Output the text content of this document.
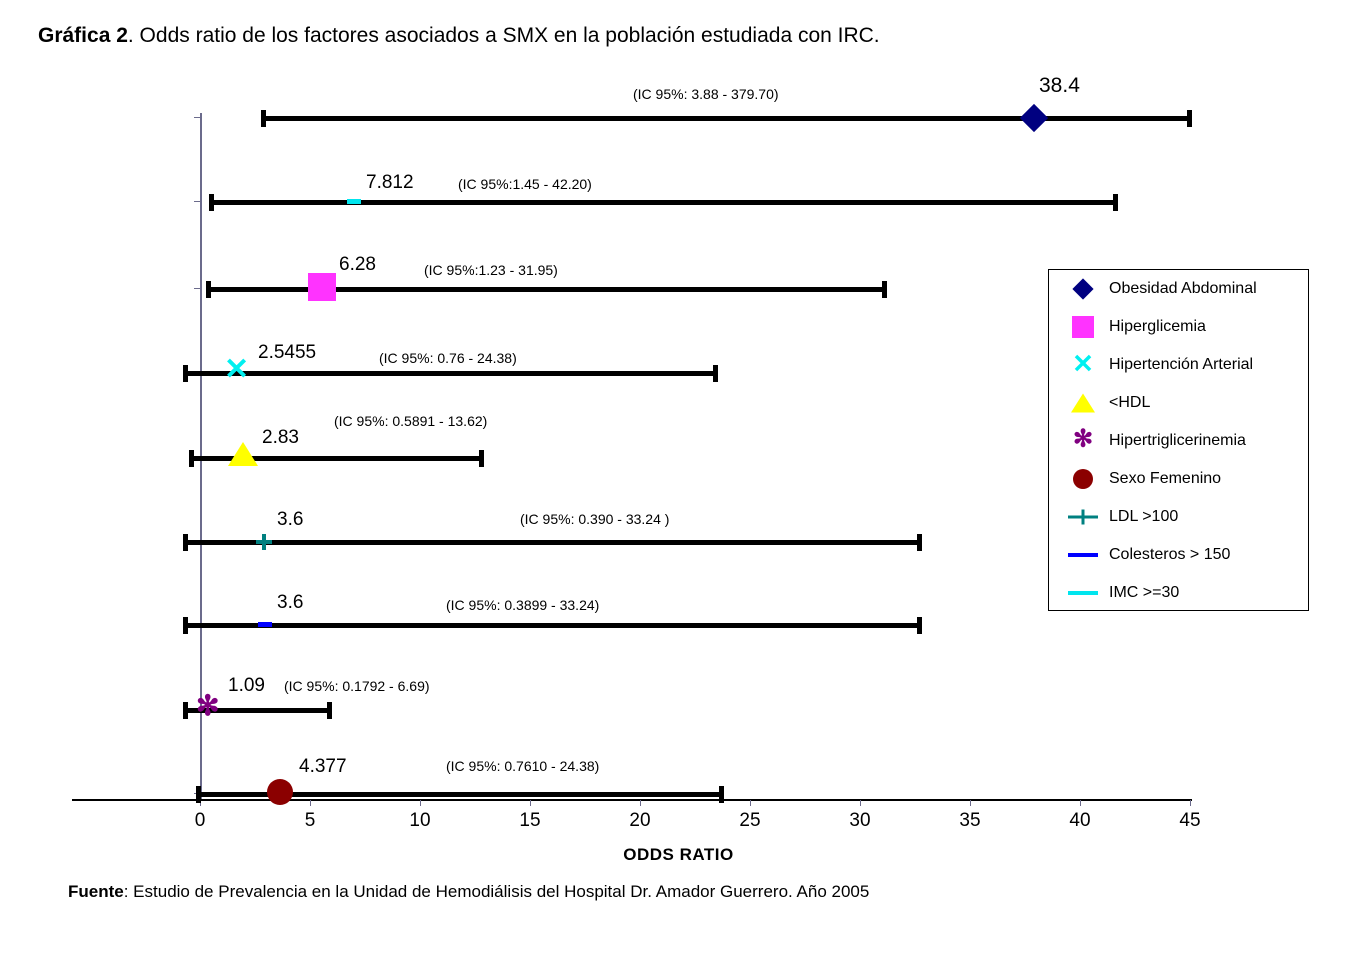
Gráfica 2. Odds ratio de los factores asociados a SMX en la población estudiada con IRC.
0	5	10	15	20	25	30	35	40	45
ODDS RATIO
(IC 95%: 3.88 - 379.70)	38.4
(IC 95%:1.45 - 42.20)
7.812
(IC 95%:1.23 - 31.95)
6.28
(IC 95%: 0.76 - 24.38)
2.5455
✕
(IC 95%: 0.5891 - 13.62)
2.83
(IC 95%: 0.390 - 33.24 )
3.6
(IC 95%: 0.3899 - 33.24)
3.6
(IC 95%: 0.1792 - 6.69)
1.09
✻
(IC 95%: 0.7610 - 24.38)
4.377
Obesidad Abdominal
Hiperglicemia
✕ Hipertención Arterial
<HDL
✻ Hipertriglicerinemia
Sexo Femenino
LDL >100
Colesteros > 150
IMC >=30
Fuente: Estudio de Prevalencia en la Unidad de Hemodiálisis del Hospital Dr. Amador Guerrero. Año 2005
